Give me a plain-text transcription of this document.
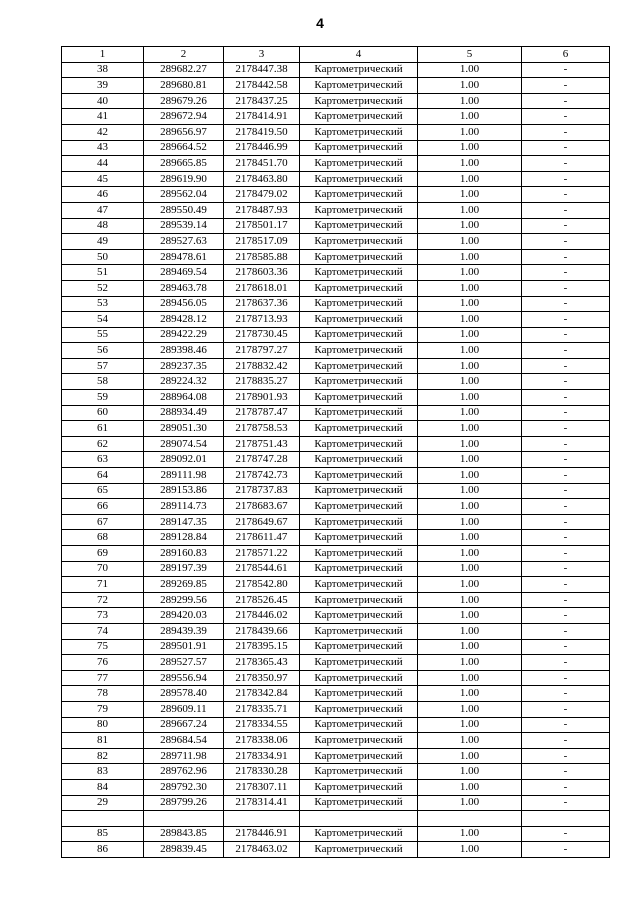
4
1	2	3	4	5	6
38	289682.27	2178447.38	Картометрический	1.00	-
39	289680.81	2178442.58	Картометрический	1.00	-
40	289679.26	2178437.25	Картометрический	1.00	-
41	289672.94	2178414.91	Картометрический	1.00	-
42	289656.97	2178419.50	Картометрический	1.00	-
43	289664.52	2178446.99	Картометрический	1.00	-
44	289665.85	2178451.70	Картометрический	1.00	-
45	289619.90	2178463.80	Картометрический	1.00	-
46	289562.04	2178479.02	Картометрический	1.00	-
47	289550.49	2178487.93	Картометрический	1.00	-
48	289539.14	2178501.17	Картометрический	1.00	-
49	289527.63	2178517.09	Картометрический	1.00	-
50	289478.61	2178585.88	Картометрический	1.00	-
51	289469.54	2178603.36	Картометрический	1.00	-
52	289463.78	2178618.01	Картометрический	1.00	-
53	289456.05	2178637.36	Картометрический	1.00	-
54	289428.12	2178713.93	Картометрический	1.00	-
55	289422.29	2178730.45	Картометрический	1.00	-
56	289398.46	2178797.27	Картометрический	1.00	-
57	289237.35	2178832.42	Картометрический	1.00	-
58	289224.32	2178835.27	Картометрический	1.00	-
59	288964.08	2178901.93	Картометрический	1.00	-
60	288934.49	2178787.47	Картометрический	1.00	-
61	289051.30	2178758.53	Картометрический	1.00	-
62	289074.54	2178751.43	Картометрический	1.00	-
63	289092.01	2178747.28	Картометрический	1.00	-
64	289111.98	2178742.73	Картометрический	1.00	-
65	289153.86	2178737.83	Картометрический	1.00	-
66	289114.73	2178683.67	Картометрический	1.00	-
67	289147.35	2178649.67	Картометрический	1.00	-
68	289128.84	2178611.47	Картометрический	1.00	-
69	289160.83	2178571.22	Картометрический	1.00	-
70	289197.39	2178544.61	Картометрический	1.00	-
71	289269.85	2178542.80	Картометрический	1.00	-
72	289299.56	2178526.45	Картометрический	1.00	-
73	289420.03	2178446.02	Картометрический	1.00	-
74	289439.39	2178439.66	Картометрический	1.00	-
75	289501.91	2178395.15	Картометрический	1.00	-
76	289527.57	2178365.43	Картометрический	1.00	-
77	289556.94	2178350.97	Картометрический	1.00	-
78	289578.40	2178342.84	Картометрический	1.00	-
79	289609.11	2178335.71	Картометрический	1.00	-
80	289667.24	2178334.55	Картометрический	1.00	-
81	289684.54	2178338.06	Картометрический	1.00	-
82	289711.98	2178334.91	Картометрический	1.00	-
83	289762.96	2178330.28	Картометрический	1.00	-
84	289792.30	2178307.11	Картометрический	1.00	-
29	289799.26	2178314.41	Картометрический	1.00	-

85	289843.85	2178446.91	Картометрический	1.00	-
86	289839.45	2178463.02	Картометрический	1.00	-
